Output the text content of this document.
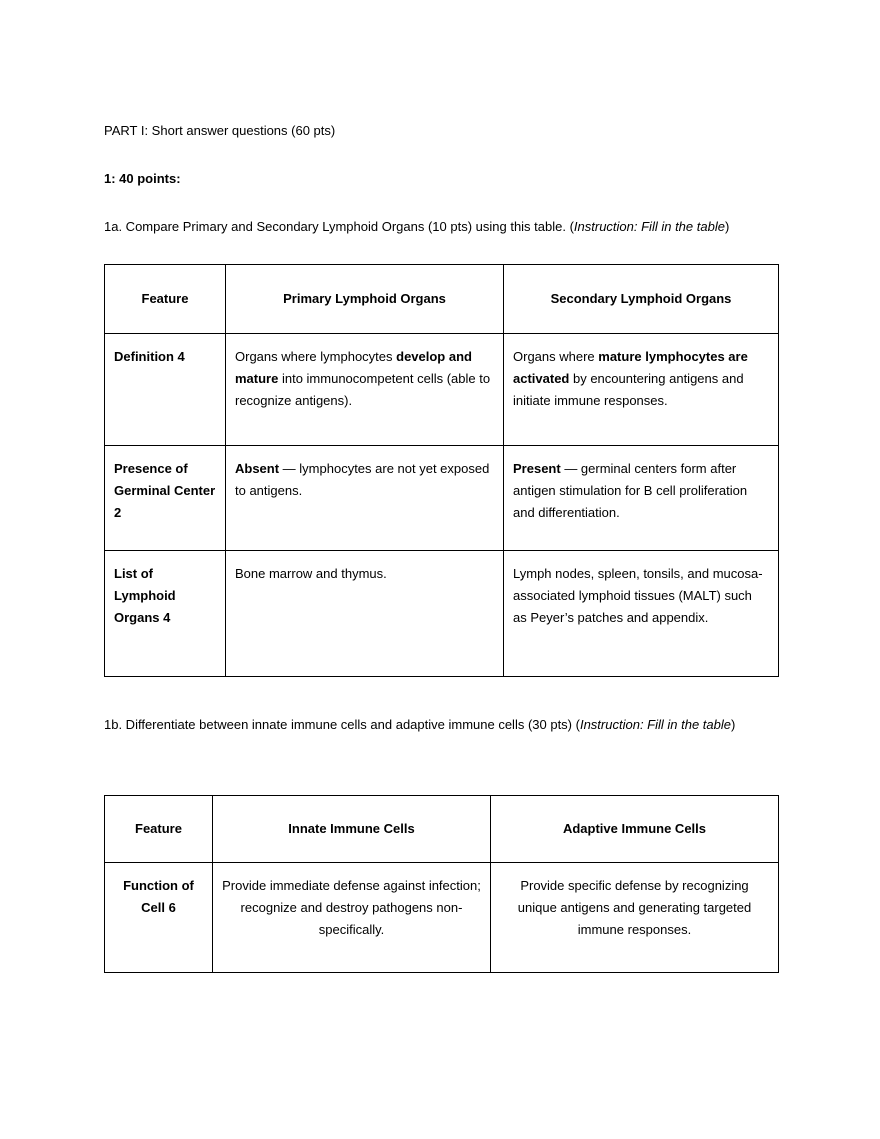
PART I: Short answer questions (60 pts)

1: 40 points:

1a. Compare Primary and Secondary Lymphoid Organs (10 pts) using this table. (Instruction: Fill in the table)

Feature	Primary Lymphoid Organs	Secondary Lymphoid Organs
Definition 4	Organs where lymphocytes develop and mature into immunocompetent cells (able to recognize antigens).	Organs where mature lymphocytes are activated by encountering antigens and initiate immune responses.
Presence of Germinal Center 2	Absent — lymphocytes are not yet exposed to antigens.	Present — germinal centers form after antigen stimulation for B cell proliferation and differentiation.
List of Lymphoid Organs 4	Bone marrow and thymus.	Lymph nodes, spleen, tonsils, and mucosa-associated lymphoid tissues (MALT) such as Peyer’s patches and appendix.

1b. Differentiate between innate immune cells and adaptive immune cells (30 pts) (Instruction: Fill in the table)

Feature	Innate Immune Cells	Adaptive Immune Cells
Function of Cell 6	Provide immediate defense against infection; recognize and destroy pathogens non-specifically.	Provide specific defense by recognizing unique antigens and generating targeted immune responses.
